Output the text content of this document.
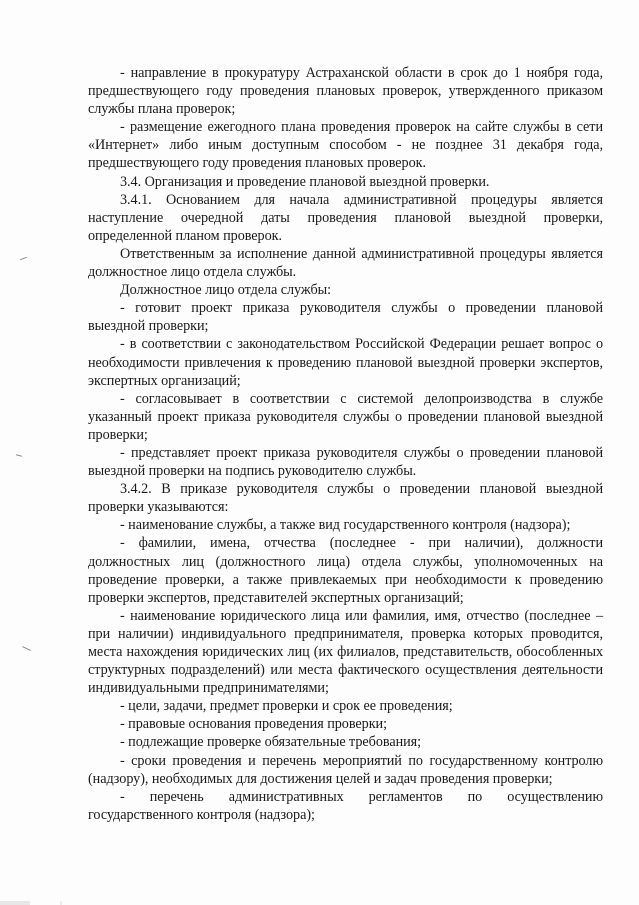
- направление в прокуратуру Астраханской области в срок до 1 ноября года, предшествующего году проведения плановых проверок, утвержденного приказом службы плана проверок;

- размещение ежегодного плана проведения проверок на сайте службы в сети «Интернет» либо иным доступным способом - не позднее 31 декабря года, предшествующего году проведения плановых проверок.

3.4. Организация и проведение плановой выездной проверки.

3.4.1. Основанием для начала административной процедуры является наступление очередной даты проведения плановой выездной проверки, определенной планом проверок.

Ответственным за исполнение данной административной процедуры является должностное лицо отдела службы.

Должностное лицо отдела службы:

- готовит проект приказа руководителя службы о проведении плановой выездной проверки;

- в соответствии с законодательством Российской Федерации решает вопрос о необходимости привлечения к проведению плановой выездной проверки экспертов, экспертных организаций;

- согласовывает в соответствии с системой делопроизводства в службе указанный проект приказа руководителя службы о проведении плановой выездной проверки;

- представляет проект приказа руководителя службы о проведении плановой выездной проверки на подпись руководителю службы.

3.4.2. В приказе руководителя службы о проведении плановой выездной проверки указываются:

- наименование службы, а также вид государственного контроля (надзора);

- фамилии, имена, отчества (последнее - при наличии), должности должностных лиц (должностного лица) отдела службы, уполномоченных на проведение проверки, а также привлекаемых при необходимости к проведению проверки экспертов, представителей экспертных организаций;

- наименование юридического лица или фамилия, имя, отчество (последнее – при наличии) индивидуального предпринимателя, проверка которых проводится, места нахождения юридических лиц (их филиалов, представительств, обособленных структурных подразделений) или места фактического осуществления деятельности индивидуальными предпринимателями;

- цели, задачи, предмет проверки и срок ее проведения;

- правовые основания проведения проверки;

- подлежащие проверке обязательные требования;

- сроки проведения и перечень мероприятий по государственному контролю (надзору), необходимых для достижения целей и задач проведения проверки;

- перечень административных регламентов по осуществлению государственного контроля (надзора);
